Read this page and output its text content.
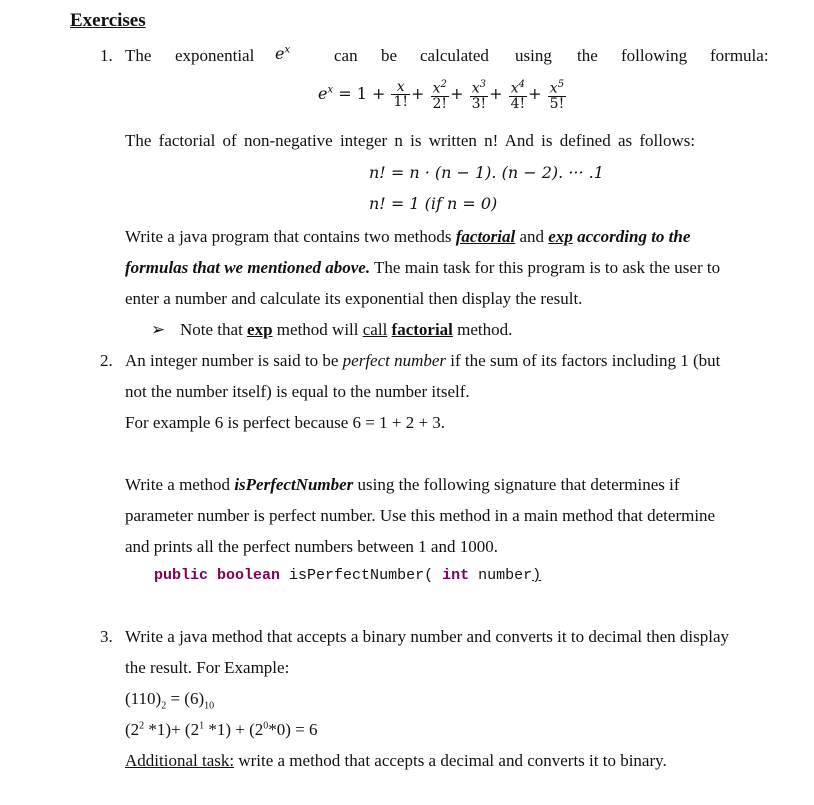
Exercises
1. The exponential $e^x$	can be calculated using the following formula:
$e^x = 1 + \frac{x}{1!} + \frac{x^2}{2!} + \frac{x^3}{3!} + \frac{x^4}{4!} + \frac{x^5}{5!}$
The factorial of non-negative integer n is written n! And is defined as follows:
n! = n · (n − 1). (n − 2). ··· .1
n! = 1 (if n = 0)
Write a java program that contains two methods factorial and exp according to the
formulas that we mentioned above. The main task for this program is to ask the user to
enter a number and calculate its exponential then display the result.
➢ Note that exp method will call factorial method.
2. An integer number is said to be perfect number if the sum of its factors including 1 (but
not the number itself) is equal to the number itself.
For example 6 is perfect because 6 = 1 + 2 + 3.
Write a method isPerfectNumber using the following signature that determines if
parameter number is perfect number. Use this method in a main method that determine
and prints all the perfect numbers between 1 and 1000.
public boolean isPerfectNumber( int number)
3. Write a java method that accepts a binary number and converts it to decimal then display
the result. For Example:
$(110)_2 = (6)_{10}$
($2^2$ $*1)+ (2^1$ $*1) + (2^0*0) = 6$
Additional task: write a method that accepts a decimal and converts it to binary.
